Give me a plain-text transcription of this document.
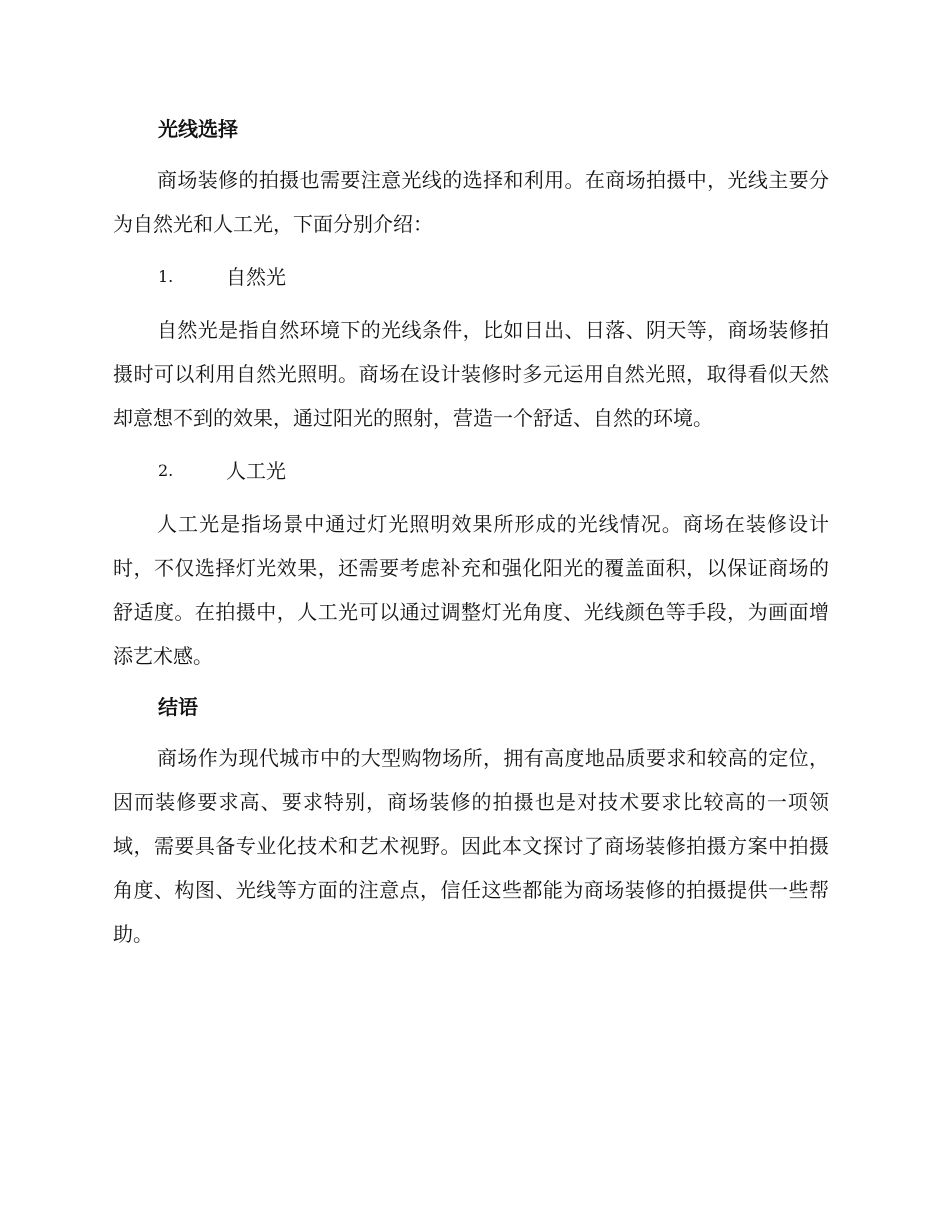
光线选择

商场装修的拍摄也需要注意光线的选择和利用。在商场拍摄中，光线主要分为自然光和人工光，下面分别介绍：

1.	自然光

自然光是指自然环境下的光线条件，比如日出、日落、阴天等，商场装修拍摄时可以利用自然光照明。商场在设计装修时多元运用自然光照，取得看似天然却意想不到的效果，通过阳光的照射，营造一个舒适、自然的环境。

2.	人工光

人工光是指场景中通过灯光照明效果所形成的光线情况。商场在装修设计时，不仅选择灯光效果，还需要考虑补充和强化阳光的覆盖面积，以保证商场的舒适度。在拍摄中，人工光可以通过调整灯光角度、光线颜色等手段，为画面增添艺术感。

结语

商场作为现代城市中的大型购物场所，拥有高度地品质要求和较高的定位，因而装修要求高、要求特别，商场装修的拍摄也是对技术要求比较高的一项领域，需要具备专业化技术和艺术视野。因此本文探讨了商场装修拍摄方案中拍摄角度、构图、光线等方面的注意点，信任这些都能为商场装修的拍摄提供一些帮助。
